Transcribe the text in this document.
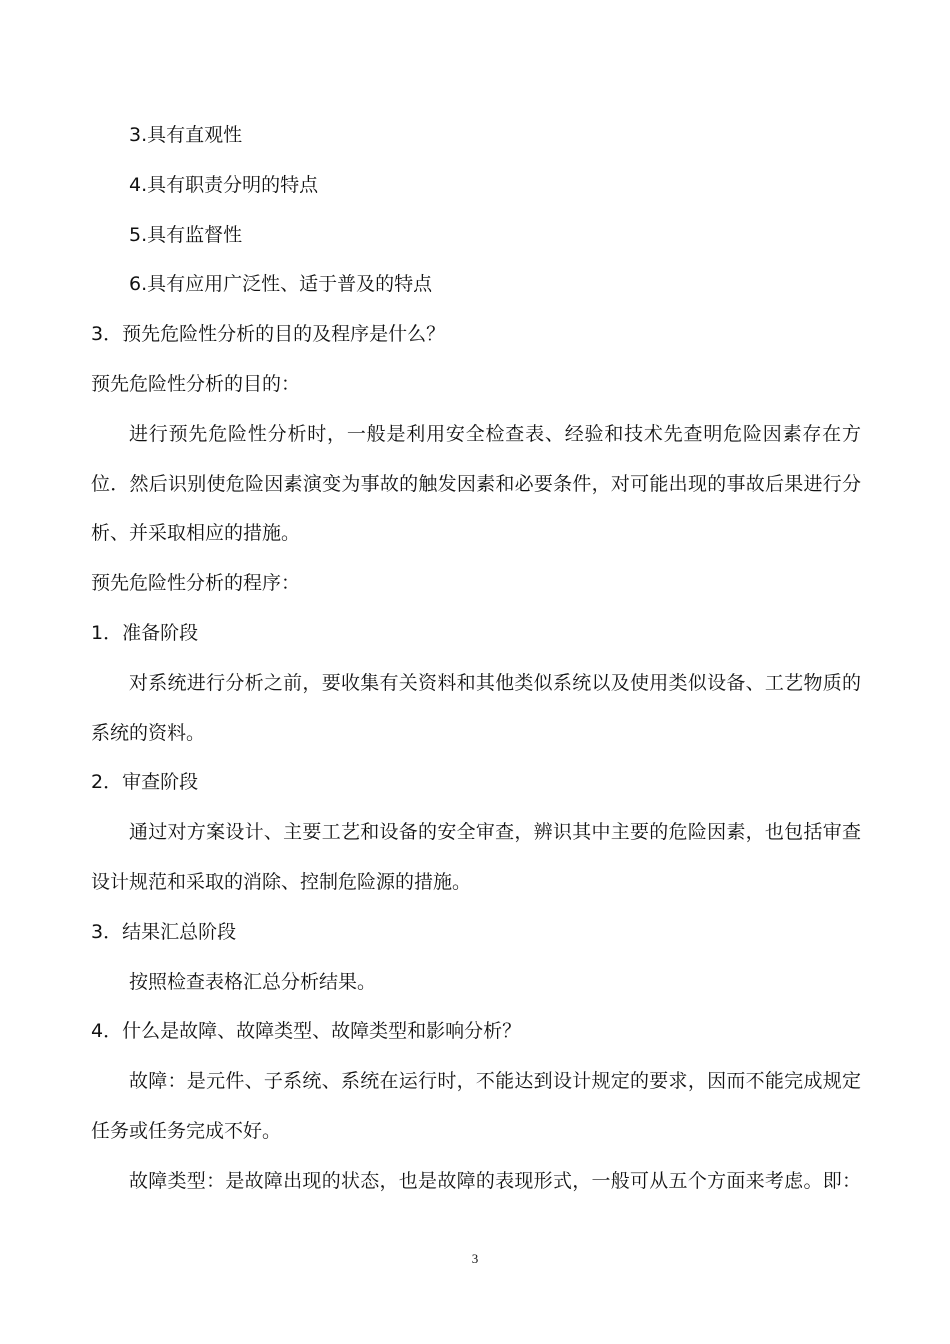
3.具有直观性
4.具有职责分明的特点
5.具有监督性
6.具有应用广泛性、适于普及的特点
3．预先危险性分析的目的及程序是什么？
预先危险性分析的目的：
进行预先危险性分析时，一般是利用安全检查表、经验和技术先查明危险因素存在方
位．然后识别使危险因素演变为事故的触发因素和必要条件，对可能出现的事故后果进行分
析、并采取相应的措施。
预先危险性分析的程序：
1．准备阶段
对系统进行分析之前，要收集有关资料和其他类似系统以及使用类似设备、工艺物质的
系统的资料。
2．审查阶段
通过对方案设计、主要工艺和设备的安全审查，辨识其中主要的危险因素，也包括审查
设计规范和采取的消除、控制危险源的措施。
3．结果汇总阶段
按照检查表格汇总分析结果。
4．什么是故障、故障类型、故障类型和影响分析？
故障：是元件、子系统、系统在运行时，不能达到设计规定的要求，因而不能完成规定
任务或任务完成不好。
故障类型：是故障出现的状态，也是故障的表现形式，一般可从五个方面来考虑。即：
3
